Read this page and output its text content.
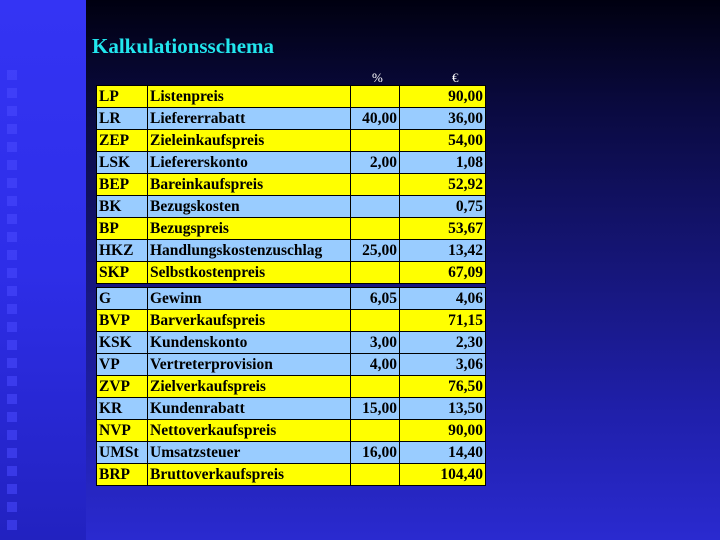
Kalkulationsschema
%	€
LP	Listenpreis		90,00
LR	Liefererrabatt	40,00	36,00
ZEP	Zieleinkaufspreis		54,00
LSK	Liefererskonto	2,00	1,08
BEP	Bareinkaufspreis		52,92
BK	Bezugskosten		0,75
BP	Bezugspreis		53,67
HKZ	Handlungskostenzuschlag	25,00	13,42
SKP	Selbstkostenpreis		67,09

G	Gewinn	6,05	4,06
BVP	Barverkaufspreis		71,15
KSK	Kundenskonto	3,00	2,30
VP	Vertreterprovision	4,00	3,06
ZVP	Zielverkaufspreis		76,50
KR	Kundenrabatt	15,00	13,50
NVP	Nettoverkaufspreis		90,00
UMSt	Umsatzsteuer	16,00	14,40
BRP	Bruttoverkaufspreis		104,40
